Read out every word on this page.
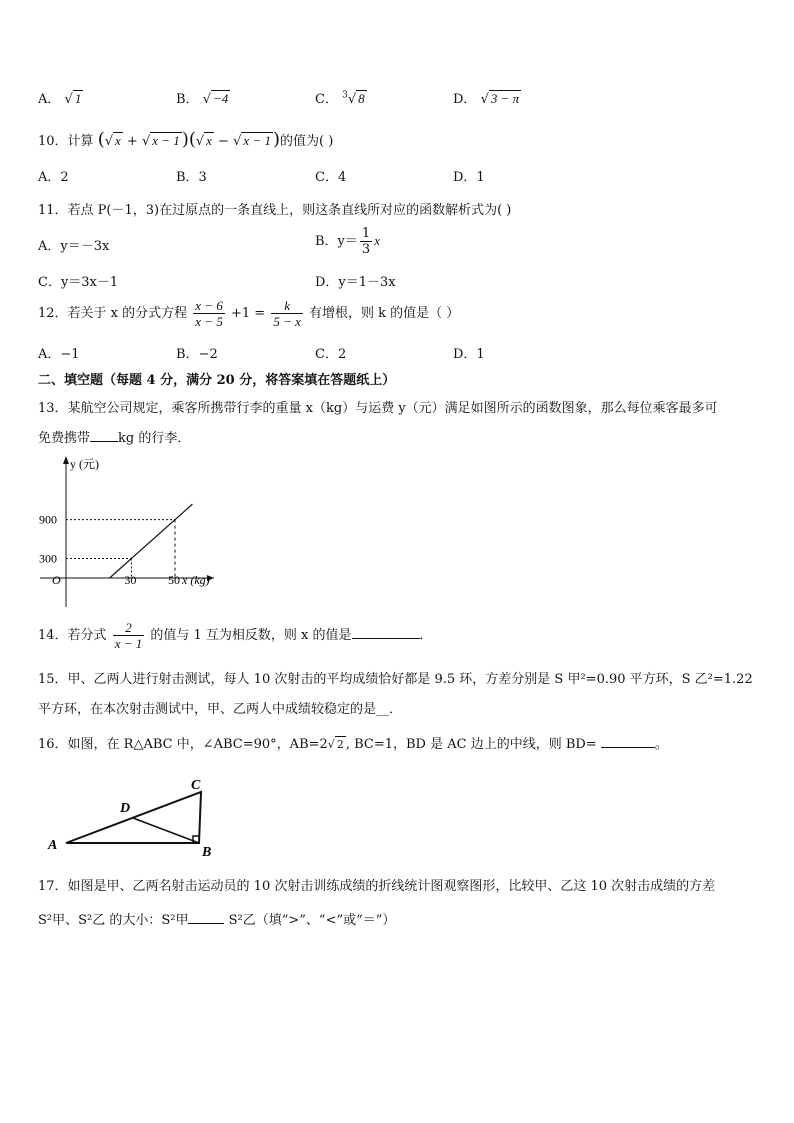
A． √ 1	B． √ −4	C． $^3$√ 8	D． √ 3 − π
10．计算 (√ x + √ x − 1 )(√ x − √ x − 1 )的值为( )
A．2	B．3	C．4	D．1
11．若点 P(－1，3)在过原点的一条直线上，则这条直线所对应的函数解析式为( )
A．y＝－3x	B．$y= \frac{1}{3}$ x
C．y＝3x－1	D．y＝1－3x
12．若关于 x 的分式方程 $\frac{x - 6}{x - 5} +1 = \frac{k}{5 - x}$ 有增根，则 k 的值是（ ）
A．−1	B．−2	C．2	D．1
二、填空题（每题 4 分，满分 20 分，将答案填在答题纸上）
13．某航空公司规定，乘客所携带行李的重量 x（kg）与运费 y（元）满足如图所示的函数图象，那么每位乘客最多可
免费携带 kg 的行李．
y (元)
x (kg)
O
900
300
30	50
14．若分式 $\frac{2}{x - 1}$ 的值与 1 互为相反数，则 x 的值是	．
15．甲、乙两人进行射击测试，每人 10 次射击的平均成绩恰好都是 9.5 环，方差分别是 S 甲²=0.90 平方环，S 乙²=1.22
平方环，在本次射击测试中，甲、乙两人中成绩较稳定的是__．
16．如图，在 R△ABC 中，∠ABC=90°，AB=2√ 2 , BC=1，BD 是 AC 边上的中线，则 BD=	。
A	B
C
D
17．如图是甲、乙两名射击运动员的 10 次射击训练成绩的折线统计图观察图形，比较甲、乙这 10 次射击成绩的方差
S²甲、S²乙 的大小：S²甲	S²乙（填“>”、“<”或“＝”）
